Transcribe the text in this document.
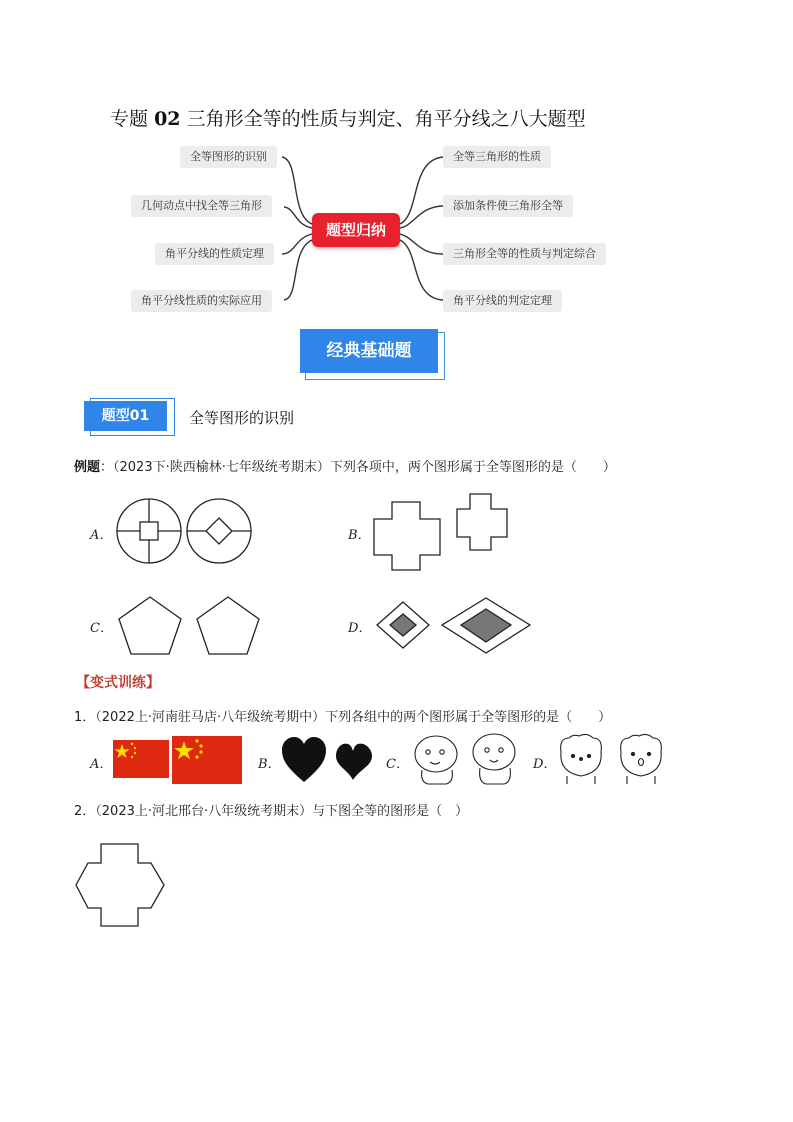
专题 02 三角形全等的性质与判定、角平分线之八大题型
全等图形的识别
几何动点中找全等三角形
角平分线的性质定理
角平分线性质的实际应用
全等三角形的性质
添加条件使三角形全等
三角形全等的性质与判定综合
角平分线的判定定理
题型归纳
经典基础题
题型01	全等图形的识别
例题：（2023下·陕西榆林·七年级统考期末）下列各项中，两个图形属于全等图形的是（　　）
A．	B．
C．	D．
【变式训练】
1．（2022上·河南驻马店·八年级统考期中）下列各组中的两个图形属于全等图形的是（　　）
A．	B．	C．	D．
2．（2023上·河北邢台·八年级统考期末）与下图全等的图形是（　）
